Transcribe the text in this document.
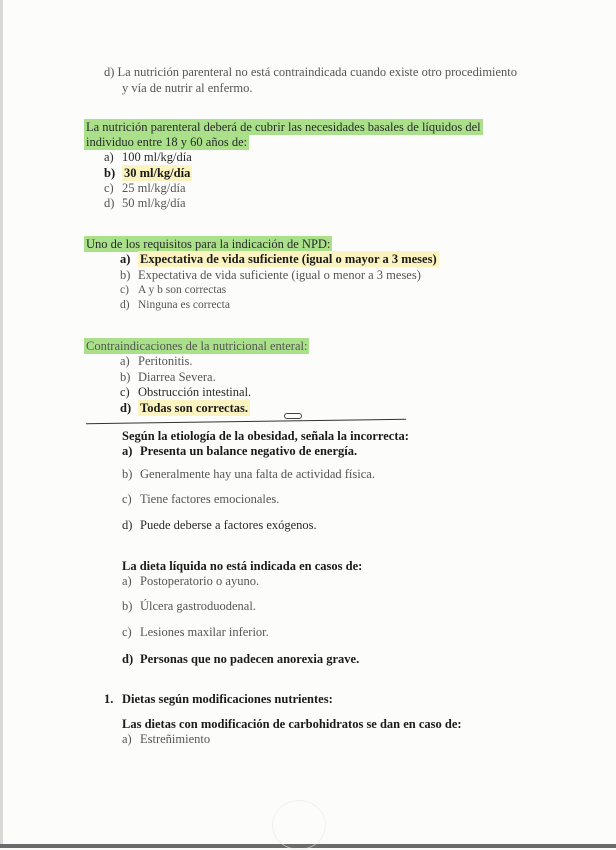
d) La nutrición parenteral no está contraindicada cuando existe otro procedimiento
y vía de nutrir al enfermo.
La nutrición parenteral deberá de cubrir las necesidades basales de líquidos del
individuo entre 18 y 60 años de:
a) 100 ml/kg/día
b) 30 ml/kg/día
c) 25 ml/kg/día
d) 50 ml/kg/día
Uno de los requisitos para la indicación de NPD:
a) Expectativa de vida suficiente (igual o mayor a 3 meses)
b) Expectativa de vida suficiente (igual o menor a 3 meses)
c) A y b son correctas
d) Ninguna es correcta
Contraindicaciones de la nutricional enteral:
a) Peritonitis.
b) Diarrea Severa.
c) Obstrucción intestinal.
d) Todas son correctas.
Según la etiología de la obesidad, señala la incorrecta:
a) Presenta un balance negativo de energía.
b) Generalmente hay una falta de actividad física.
c) Tiene factores emocionales.
d) Puede deberse a factores exógenos.
La dieta líquida no está indicada en casos de:
a) Postoperatorio o ayuno.
b) Úlcera gastroduodenal.
c) Lesiones maxilar inferior.
d) Personas que no padecen anorexia grave.
1. Dietas según modificaciones nutrientes:
Las dietas con modificación de carbohidratos se dan en caso de:
a) Estreñimiento
